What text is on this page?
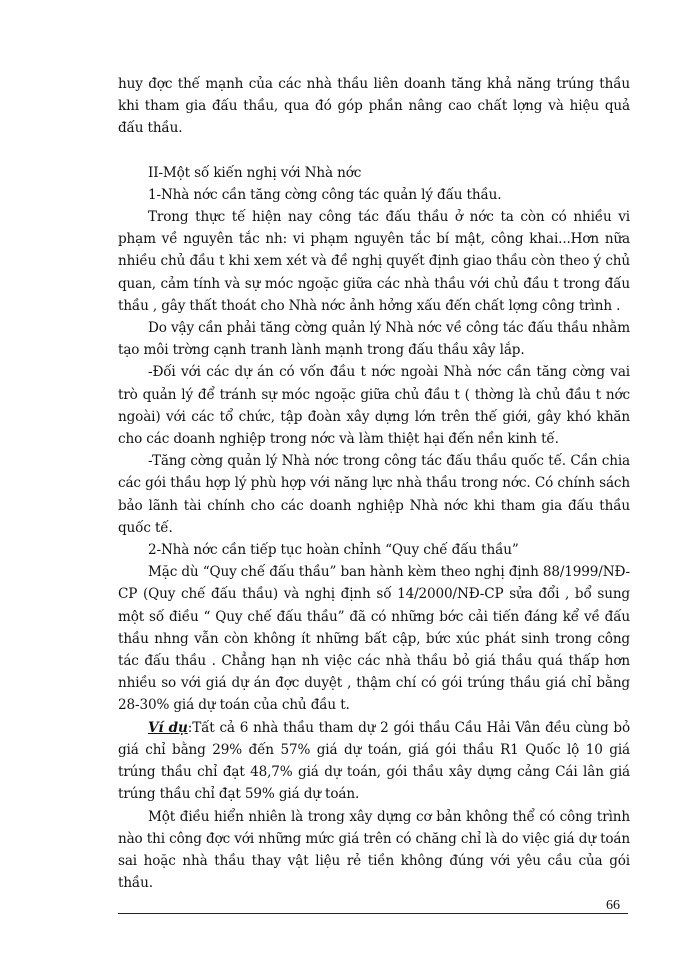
huy đợc thế mạnh của các nhà thầu liên doanh tăng khả năng trúng thầu khi tham gia đấu thầu, qua đó góp phần nâng cao chất lợng và hiệu quả đấu thầu.

II-Một số kiến nghị với Nhà nớc

1-Nhà nớc cần tăng cờng công tác quản lý đấu thầu.

Trong thực tế hiện nay công tác đấu thầu ở nớc ta còn có nhiều vi phạm về nguyên tắc nh: vi phạm nguyên tắc bí mật, công khai...Hơn nữa nhiều chủ đầu t khi xem xét và đề nghị quyết định giao thầu còn theo ý chủ quan, cảm tính và sự móc ngoặc giữa các nhà thầu với chủ đầu t trong đấu thầu , gây thất thoát cho Nhà nớc ảnh hởng xấu đến chất lợng công trình .

Do vậy cần phải tăng cờng quản lý Nhà nớc về công tác đấu thầu nhằm tạo môi trờng cạnh tranh lành mạnh trong đấu thầu xây lắp.

-Đối với các dự án có vốn đầu t nớc ngoài Nhà nớc cần tăng cờng vai trò quản lý để tránh sự móc ngoặc giữa chủ đầu t ( thờng là chủ đầu t nớc ngoài) với các tổ chức, tập đoàn xây dựng lớn trên thế giới, gây khó khăn cho các doanh nghiệp trong nớc và làm thiệt hại đến nền kinh tế.

-Tăng cờng quản lý Nhà nớc trong công tác đấu thầu quốc tế. Cần chia các gói thầu hợp lý phù hợp với năng lực nhà thầu trong nớc. Có chính sách bảo lãnh tài chính cho các doanh nghiệp Nhà nớc khi tham gia đấu thầu quốc tế.

2-Nhà nớc cần tiếp tục hoàn chỉnh “Quy chế đấu thầu”

Mặc dù “Quy chế đấu thầu” ban hành kèm theo nghị định 88/1999/NĐ-CP (Quy chế đấu thầu) và nghị định số 14/2000/NĐ-CP sửa đổi , bổ sung một số điều “ Quy chế đấu thầu” đã có những bớc cải tiến đáng kể về đấu thầu nhng vẫn còn không ít những bất cập, bức xúc phát sinh trong công tác đấu thầu . Chẳng hạn nh việc các nhà thầu bỏ giá thầu quá thấp hơn nhiều so với giá dự án đợc duyệt , thậm chí có gói trúng thầu giá chỉ bằng 28-30% giá dự toán của chủ đầu t.

Ví dụ:Tất cả 6 nhà thầu tham dự 2 gói thầu Cầu Hải Vân đều cùng bỏ giá chỉ bằng 29% đến 57% giá dự toán, giá gói thầu R1 Quốc lộ 10 giá trúng thầu chỉ đạt 48,7% giá dự toán, gói thầu xây dựng cảng Cái lân giá trúng thầu chỉ đạt 59% giá dự toán.

Một điều hiển nhiên là trong xây dựng cơ bản không thể có công trình nào thi công đợc với những mức giá trên có chăng chỉ là do việc giá dự toán sai hoặc nhà thầu thay vật liệu rẻ tiền không đúng với yêu cầu của gói thầu.

66
